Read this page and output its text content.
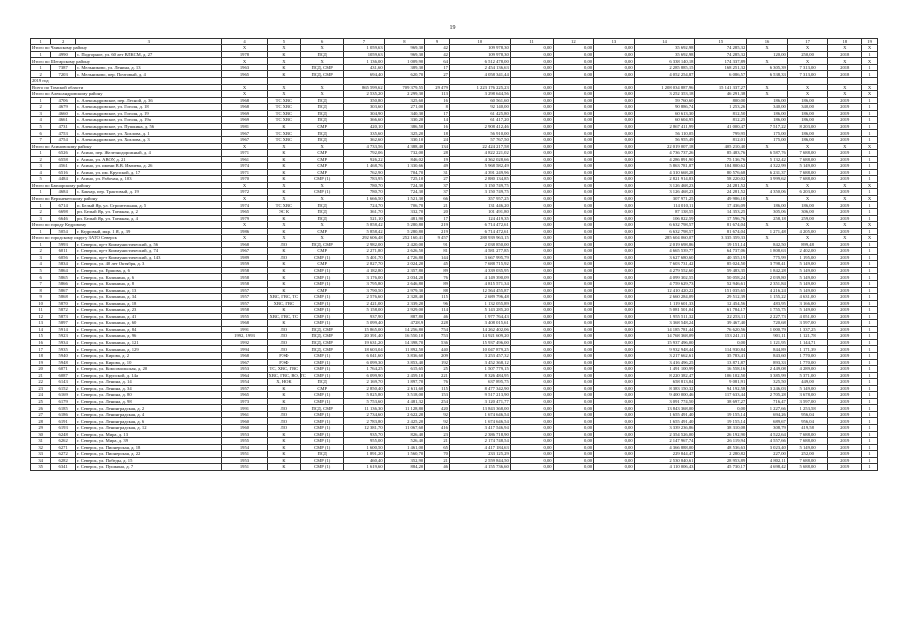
19
1	2	3	4	5	6	7	8	9	10	11	12	13	14	15	16	17	18	19
Итого по Чаинскому району			X	X	X	1 059,63	969,30	42	109 978,30	0,00	0,00	0,00	35 692,98	74 285,32	X	X	X	X
1	4990	с. Подгорное, ул. 60 лет ВЛКСМ, д. 27	1978	К	ПСД	1059,63	969,30	42	109 978,30	0,00	0,00	0,00	35 692,98	74 285,32	120,00	250,00	2018	1
Итого по Шегарскому району			X	X	X	1 136,00	1 009,90	64	6 512 478,00	0,00	0,00	0,00	6 338 140,18	174 337,89	X	X	X	X
1	7387	с. Мельниково, ул. Ленина, д. 13	1963	К	ПСД, СМР	431,60	389,30	17	2 454 136,63	0,00	0,00	0,00	2 285 885,15	168 251,32	6 305,39	7 313,00	2018	1
2	7203	с. Мельниково, пер. Почтовый, д. 4	1965	К	ПСД, СМР	694,40	620,70	27	4 058 341,44	0,00	0,00	0,00	4 052 254,87	6 086,57	6 538,33	7 313,00	2018	1
2019 год																		
Всего по Томской области			X	X	X	865 599,62	709 379,55	29 479	1 223 176 225,23	0,00	0,00	0,00	1 208 034 887,96	15 141 337,27	X	X	X	X
Итого по Александровскому району			X	X	X	2 535,20	2 299,30	113	3 298 644,56	0,00	0,00	0,00	3 252 353,18	46 291,38	X	X	X	X
1	4706	с. Александровское, пер. Лесной, д. 36	1968	ТС ХВС	ПСД	350,80	325,60	16	60 561,60	0,00	0,00	0,00	59 760,60	800,00	186,00	186,00	2019	1
2	4679	с. Александровское, ул. Гоголя, д. 18	1968	ТС ХВС	ПСД	303,60	271,00	8	92 140,00	0,00	0,00	0,00	90 886,74	1 253,26	340,00	340,00	2019	1
3	4660	с. Александровское, ул. Гоголя, д. 19	1969	ТС ХВС	ПСД	304,90	340,30	17	61 425,80	0,00	0,00	0,00	60 613,30	812,50	186,00	186,00	2019	1
4	4661	с. Александровское, ул. Гоголя, д. 19а	1969	ТС ХВС	ПСД	366,60	330,20	14	61 417,20	0,00	0,00	0,00	60 604,95	812,25	186,00	186,00	2019	1
5	4731	с. Александровское, ул. Пушкина, д. 56	1981	К	СМР	420,10	386,50	16	2 908 412,46	0,00	0,00	0,00	2 867 411,99	41 000,47	7 517,22	8 203,00	2019	1
6	4753	с. Александровское, ул. Хохлова, д. 1	1967	ТС ХВС	ПСД	335,60	325,20	18	56 910,00	0,00	0,00	0,00	56 110,05	799,95	175,00	186,00	2019	1
7	4754	с. Александровское, ул. Хохлова, д. 3	1967	ТС ХВС	ПСД	362,60	330,10	24	57 767,50	0,00	0,00	0,00	56 955,49	812,01	175,00	186,00	2019	1
Итого по Асиновскому району			X	X	X	4 733,56	4 388,40	134	22 424 217,58	0,00	0,00	0,00	22 019 007,18	405 210,40	X	X	X	X
1	6526	г. Асино, пер. Железнодорожный, д. 4	1971	К	СМР	792,06	732,00	28	4 822 221,02	0,00	0,00	0,00	4 736 737,26	85 483,76	6 587,76	7 688,00	2019	1
2	6558	г. Асино, ул. АВОУ, д. 21	1961	К	СМР	926,22	846,02	19	4 362 028,66	0,00	0,00	0,00	4 286 891,90	75 136,76	5 132,42	7 688,00	2019	1
3	4561	г. Асино, ул. имени В.В. Ивачева, д. 26	1974	К	СМР	1 468,76	1 330,66	49	5 968 582,49	0,00	0,00	0,00	5 863 781,87	104 800,62	4 322,99	5 149,00	2019	1
4	6516	г. Асино, ул. им. Крупской, д. 17	1971	К	СМР	762,90	704,70	31	4 391 249,96	0,00	0,00	0,00	4 310 668,28	80 576,68	6 231,37	7 688,00	2019	1
5	4484	г. Асино, ул. Рабочая, д. 103	1970	К	СМР (1)	783,95	725,10	27	2 880 134,85	0,00	0,00	0,00	2 821 914,83	58 220,02	3 999,62	7 688,00	2019	1
Итого по Бакчарскому району			X	X	X	780,70	724,30	37	3 150 749,75	0,00	0,00	0,00	3 126 468,23	24 281,52	X	X	X	X
1	4684	с. Бакчар, пер. Трактовый, д. 19	1972	К	СМР (1)	780,70	724,30	37	3 150 749,75	0,00	0,00	0,00	3 126 468,23	24 281,52	4 350,06	6 203,00	2019	1
Итого по Верхнекетскому району			X	X	X	1 666,50	1 521,30	66	357 957,25	0,00	0,00	0,00	307 971,25	49 986,10	X	X	X	X
1	6714	п. Белый Яр, ул. Строительная, д. 5	1974	ТС ХВС	ПСД	724,70	706,70	21	131 446,20	0,00	0,00	0,00	114 010,11	17 436,09	186,00	186,00	2019	1
2	6698	рп. Белый Яр, ул. Таежная, д. 2	1965	ЭС К	ПСД	361,70	332,70	20	101 491,80	0,00	0,00	0,00	87 138,55	14 353,25	305,06	306,00	2019	1
3	6646	рп. Белый Яр, ул. Таежная, д. 4	1979	К	ПСД	521,10	481,90	17	124 419,35	0,00	0,00	0,00	106 822,59	17 596,76	258,18	259,00	2019	1
Итого по городу Кедровому			X	X	X	5 858,42	5 280,80	219	6 714 472,61	0,00	0,00	0,00	6 632 798,57	81 674,04	X	X	X	X
1	5054	г. Кедровый, мкр. 1 Я, д. 39	1986	К	СМР	5 858,42	5 280,80	219	6 714 472,61	0,00	0,00	0,00	6 632 798,57	81 674,04	1 271,48	4 205,00	2019	1
Итого по городскому округу ЗАТО Северск			X	X	X	292 606,48	252 160,41	9 457	288 939 963,15	0,00	0,00	0,00	285 604 060,07	3 335 359,33	X	X	X	X
1	5993	г. Северск, пр-т Коммунистический, д. 56	1968	ЛО	ПСД, СМР	2 982,00	2 420,00	91	2 038 850,00	0,00	0,00	0,00	2 019 698,86	19 151,14	842,50	899,48	2019	1
2	6011	г. Северск, пр-т Коммунистический, д. 74	1967	К	СМР	2 271,80	2 626,50	81	4 581 277,85	0,00	0,00	0,00	4 665 539,77	64 737,06	1 808,63	2 402,00	2019	1
3	6056	г. Северск, пр-т Коммунистический, д. 143	1989	ЛО	СМР (1)	5 401,70	4 726,80	144	3 667 995,79	0,00	0,00	0,00	3 627 680,60	40 355,19	775,99	1 195,00	2019	1
4	5834	г. Северск, ул. 40 лет Октября, д. 3	1959	К	СМР	2 827,70	2 024,20	45	7 688 715,92	0,00	0,00	0,00	7 603 731,42	85 024,50	3 798,41	5 149,00	2019	1
5	5864	г. Северск, ул. Ершова, д. 6	1958	К	СМР (1)	4 182,80	2 357,80	89	4 339 035,95	0,00	0,00	0,00	4 279 552,60	59 483,35	1 842,28	5 149,00	2019	1
6	5865	г. Северск, ул. Калинина, д. 6	1958	К	СМР (1)	3 176,00	2 034,20	76	4 149 390,09	0,00	0,00	0,00	4 099 302,55	50 058,24	2 039,80	5 149,00	2019	1
7	5866	г. Северск, ул. Калинина, д. 8	1958	К	СМР (1)	3 795,80	2 646,80	89	4 815 571,34	0,00	0,00	0,00	4 759 629,73	52 946,61	2 351,84	5 149,00	2019	1
8	5867	г. Северск, ул. Калинина, д. 13	1957	К	СМР	3 790,50	2 979,30	88	12 564 455,87	0,00	0,00	0,00	12 410 420,22	151 035,65	4 216,24	5 149,00	2019	1
9	5868	г. Северск, ул. Калинина, д. 34	1957	ХВС, ГВС, ТС	СМР (1)	2 576,60	2 328,40	115	2 689 796,48	0,00	0,00	0,00	2 660 284,09	29 512,39	1 155,22	4 631,00	2019	1
10	5870	г. Северск, ул. Калинина, д. 18	1957	ХВС, ГВС	СМР (1)	2 421,00	2 339,20	96	1 132 055,89	0,00	0,00	0,00	1 119 601,33	12 454,56	483,95	3 166,00	2019	1
11	5872	г. Северск, ул. Калинина, д. 23	1958	К	СМР (1)	5 158,00	2 929,00	114	5 143 285,20	0,00	0,00	0,00	5 081 501,04	61 784,17	1 755,75	5 149,00	2019	1
12	5873	г. Северск, ул. Калинина, д. 41	1955	ХВС, ГВС, ТС	СМР (1)	937,90	887,80	46	1 977 764,43	0,00	0,00	0,00	1 955 511,32	22 253,11	2 227,73	4 051,00	2019	1
13	5897	г. Северск, ул. Калинина, д. 60	1968	К	СМР (1)	5 099,40	4728,9	228	3 408 015,61	0,00	0,00	0,00	3 368 548,24	39 467,40	720,68	3 597,00	2019	1
14	5914	г. Северск, ул. Калинина, д. 84	1991	ЛО	ПСД, СМР	15 865,00	14 256,80	754	14 262 402,06	0,00	0,00	0,00	14 185 781,44	76 620,56	1 000,79	1 337,25	2019	1
15	5923	г. Северск, ул. Калинина, д. 96	1992, 1993	ЛО	ПСД, СМР	20 391,40	16 550,10	753	14 921 609,20	0,00	0,00	0,00	14 768 368,09	153 241,11	901,11	1 121,78	2019	1
16	5934	г. Северск, ул. Калинина, д. 121	1992	ЛО	ПСД, СМР	19 631,20	14 398,70	536	15 937 496,00	0,00	0,00	0,00	15 937 496,00	0,00	1 121,95	1 144,71	2019	1
17	5935	г. Северск, ул. Калинина, д. 129	1994	ЛО	ПСД, СМР	18 603,04	11 892,50	440	10 047 879,25	0,00	0,00	0,00	9 932 948,44	114 930,84	844,89	1 171,39	2019	1
18	5940	г. Северск, ул. Кирова, д. 2	1968	РЭФ	СМР (1)	6 041,60	3 836,60	209	3 253 457,32	0,00	0,00	0,00	3 217 662,61	35 783,41	843,60	1 770,00	2019	1
19	5948	г. Северск, ул. Кирова, д. 10	1967	РЭФ	СМР (1)	6 099,30	3 853,40	192	3 452 368,12	0,00	0,00	0,00	3 416 496,25	13 871,87	893,33	1 770,00	2019	1
20	6071	г. Северск, ул. Комсомольская, д. 20	1953	ТС, ХВС, ГВС	СМР (1)	1 764,25	615,65	25	1 507 779,15	0,00	0,00	0,00	1 491 100,99	16 558,16	2 449,08	4 289,00	2019	1
21	6087	г. Северск, ул. Крупской, д. 14а	1964	ХВС, ГВС, ВО, ТС	СМР (1)	6 099,90	2 459,10	221	8 326 484,95	0,00	0,00	0,00	8 220 382,47	106 102,50	3 385,99	5 371,00	2019	1
22	6143	г. Северск, ул. Ленина, д. 14	1954	Х, НОК	ПСД	2 169,70	1 897,70	76	637 895,75	0,00	0,00	0,00	658 813,84	9 081,91	325,50	449,00	2019	1
23	6152	г. Северск, ул. Ленина, д. 34	1957	К	СМР	2 850,40	2 611,60	115	8 477 342,90	0,00	0,00	0,00	8 383 150,32	94 192,58	3 246,03	5 149,00	2019	1
24	6169	г. Северск, ул. Ленина, д. 80	1965	К	СМР (1)	5 825,80	3 518,00	153	9 517 213,90	0,00	0,00	0,00	9 400 000,46	117 633,44	2 705,28	3 678,00	2019	1
25	6179	г. Северск, ул. Ленина, д. 98	1973	К	СМР (1)	5 753,60	4 481,32	254	3 120 471,77	0,00	0,00	0,00	3 091 774,50	38 697,27	716,47	3 597,00	2019	1
26	6185	г. Северск, ул. Ленинградская, д. 2	1991	ЛО	ПСД, СМР	11 136,30	11 128,80	420	13 843 368,00	0,00	0,00	0,00	13 843 368,00	0,00	1 227,66	1 253,58	2019	1
27	6186	г. Северск, ул. Ленинградская, д. 4	1961	ЛО	СМР (1)	2 734,60	2 622,20	92	1 674 646,54	0,00	0,00	0,00	1 655 491,40	19 155,14	694,26	956,04	2019	1
28	6191	г. Северск, ул. Ленинградская, д. 6	1960	ЛО	СМР (1)	2 783,80	2 425,20	92	1 674 646,54	0,00	0,00	0,00	1 655 491,40	19 155,14	689,67	956,04	2019	1
29	6193	г. Северск, ул. Ленинградская, д. 12	1960	ЛО	СМР (1)	12 381,70	11 067,60	416	3 417 546,94	0,00	0,00	0,00	3 339 236,86	38 310,08	308,79	419,58	2019	1
30	6248	г. Северск, ул. Мира, д. 13	1953	К	СМР (1)	935,70	826,40	23	2 386 718,90	0,00	0,00	0,00	2 354 526,00	26 192,90	4 522,64	7 688,00	2019	1
31	6262	г. Северск, ул. Мира, д. 39	1955	К	СМР (1)	955,00	526,40	21	2 174 748,54	0,00	0,00	0,00	2 147 967,74	26 119,94	4 557,66	7 688,00	2019	1
32	6271	г. Северск, ул. Пионерская, д. 18	1954	К	СМР (1)	1 600,50	1 461,00	65	4 417 184,63	0,00	0,00	0,00	4 366 888,00	48 536,63	3 023,40	5 149,00	2019	1
33	6272	г. Северск, ул. Пионерская, д. 22	1951	К	ПСД	1 891,20	1 560,70	70	233 125,29	0,00	0,00	0,00	229 844,47	2 280,82	227,00	252,00	2019	1
34	6282	г. Северск, ул. Победы, д. 15	1953	К	СМР (1)	460,40	352,90	21	2 559 844,50	0,00	0,00	0,00	2 530 840,61	28 953,89	4 802,11	7 688,00	2019	1
35	6341	г. Северск, ул. Пушкина, д. 7	1951	К	СМР (1)	1 619,60	884,20	46	4 155 736,60	0,00	0,00	0,00	4 110 006,43	45 730,17	4 698,42	5 688,00	2019	1
